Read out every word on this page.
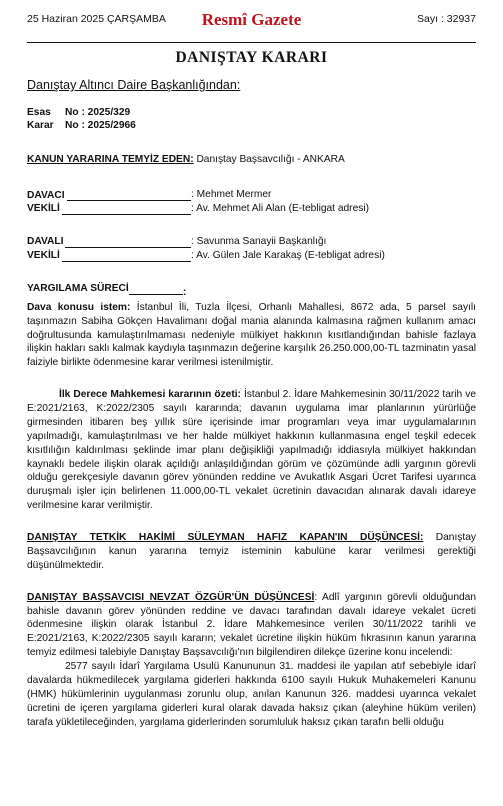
25 Haziran 2025 ÇARŞAMBA	Resmî Gazete	Sayı : 32937
DANIŞTAY KARARI
Danıştay Altıncı Daire Başkanlığından:
Esas No : 2025/329
Karar No : 2025/2966
KANUN YARARINA TEMYİZ EDEN: Danıştay Başsavcılığı - ANKARA
DAVACI	: Mehmet Mermer
VEKİLİ	: Av. Mehmet Ali Alan (E-tebligat adresi)
DAVALI	: Savunma Sanayii Başkanlığı
VEKİLİ	: Av. Gülen Jale Karakaş (E-tebligat adresi)
YARGILAMA SÜRECİ	:

Dava konusu istem: İstanbul İli, Tuzla İlçesi, Orhanlı Mahallesi, 8672 ada, 5 parsel sayılı taşınmazın Sabiha Gökçen Havalimanı doğal mania alanında kalmasına rağmen kullanım amacı doğrultusunda kamulaştırılmaması nedeniyle mülkiyet hakkının kısıtlandığından bahisle fazlaya ilişkin hakları saklı kalmak kaydıyla taşınmazın değerine karşılık 26.250.000,00-TL tazminatın yasal faiziyle birlikte ödenmesine karar verilmesi istenilmiştir.

İlk Derece Mahkemesi kararının özeti: İstanbul 2. İdare Mahkemesinin 30/11/2022 tarih ve E:2021/2163, K:2022/2305 sayılı kararında; davanın uygulama imar planlarının yürürlüğe girmesinden itibaren beş yıllık süre içerisinde imar programları veya imar uygulamalarının yapılmadığı, kamulaştırılması ve her halde mülkiyet hakkının kullanmasına engel teşkil edecek kısıtlılığın kaldırılması şeklinde imar planı değişikliği yapılmadığı iddiasıyla mülkiyet hakkından kaynaklı bedele ilişkin olarak açıldığı anlaşıldığından görüm ve çözümünde adli yargının görevli olduğu gerekçesiyle davanın görev yönünden reddine ve Avukatlık Asgari Ücret Tarifesi uyarınca duruşmalı işler için belirlenen 11.000,00-TL vekalet ücretinin davacıdan alınarak davalı idareye verilmesine karar verilmiştir.

DANIŞTAY TETKİK HAKİMİ SÜLEYMAN HAFIZ KAPAN'IN DÜŞÜNCESİ: Danıştay Başsavcılığının kanun yararına temyiz isteminin kabulüne karar verilmesi gerektiği düşünülmektedir.

DANIŞTAY BAŞSAVCISI NEVZAT ÖZGÜR'ÜN DÜŞÜNCESİ: Adlî yargının görevli olduğundan bahisle davanın görev yönünden reddine ve davacı tarafından davalı idareye vekalet ücreti ödenmesine ilişkin olarak İstanbul 2. İdare Mahkemesince verilen 30/11/2022 tarihli ve E:2021/2163, K:2022/2305 sayılı kararın; vekalet ücretine ilişkin hüküm fıkrasının kanun yararına temyiz edilmesi talebiyle Danıştay Başsavcılığı'nın bilgilendiren dilekçe üzerine konu incelendi:

2577 sayılı İdarî Yargılama Usulü Kanununun 31. maddesi ile yapılan atıf sebebiyle idarî davalarda hükmedilecek yargılama giderleri hakkında 6100 sayılı Hukuk Muhakemeleri Kanunu (HMK) hükümlerinin uygulanması zorunlu olup, anılan Kanunun 326. maddesi uyarınca vekalet ücretini de içeren yargılama giderleri kural olarak davada haksız çıkan (aleyhine hüküm verilen) tarafa yükletileceğinden, yargılama giderlerinden sorumluluk haksız çıkan tarafın belli olduğu
